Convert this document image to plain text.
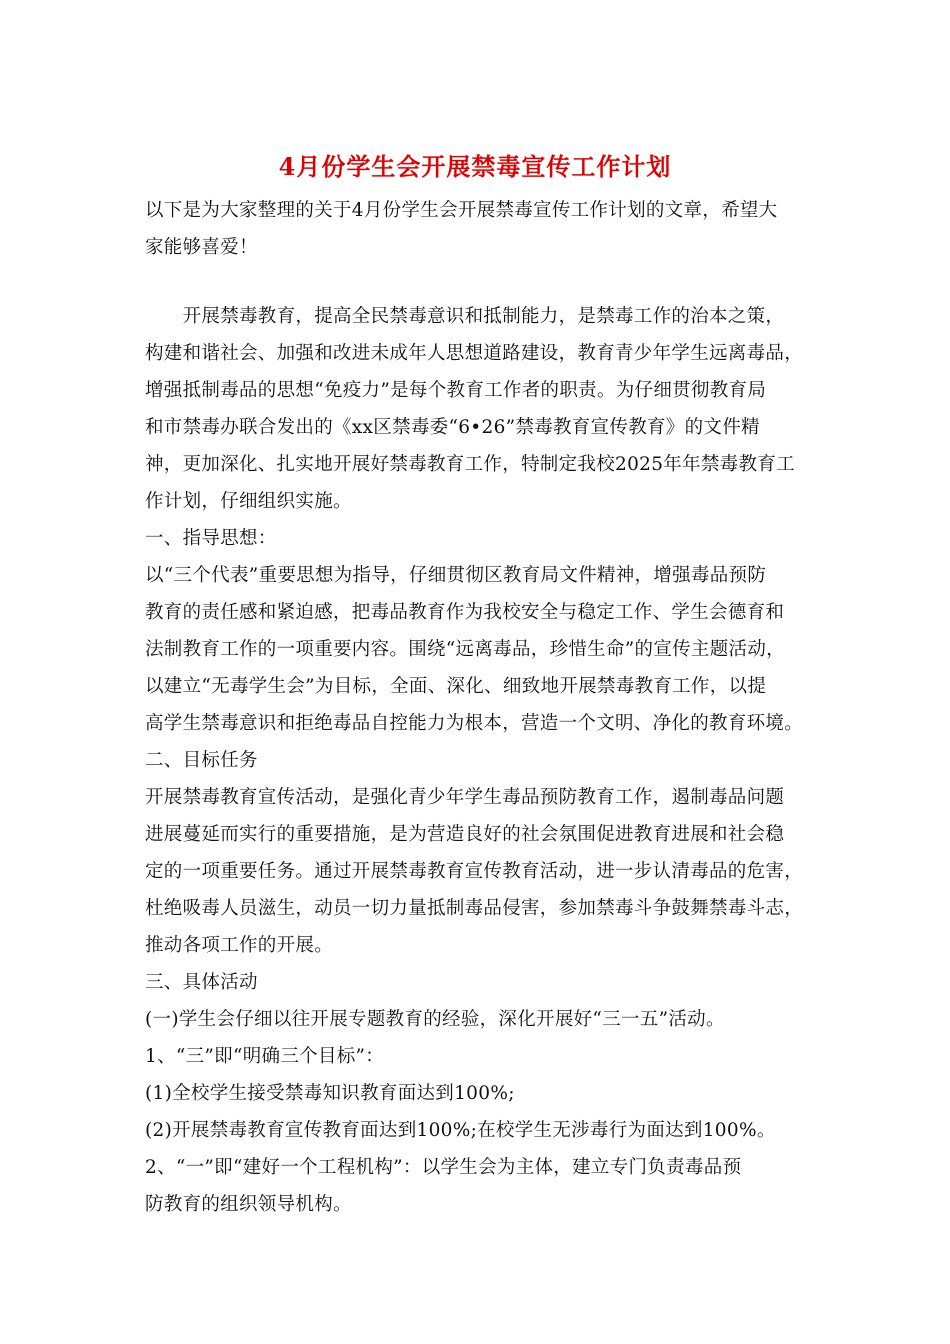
4月份学生会开展禁毒宣传工作计划
以下是为大家整理的关于4月份学生会开展禁毒宣传工作计划的文章，希望大
家能够喜爱！
　　开展禁毒教育，提高全民禁毒意识和抵制能力，是禁毒工作的治本之策，
构建和谐社会、加强和改进未成年人思想道路建设，教育青少年学生远离毒品，
增强抵制毒品的思想“免疫力”是每个教育工作者的职责。为仔细贯彻教育局
和市禁毒办联合发出的《xx区禁毒委“6•26”禁毒教育宣传教育》的文件精
神，更加深化、扎实地开展好禁毒教育工作，特制定我校2025年年禁毒教育工
作计划，仔细组织实施。
一、指导思想：
以“三个代表”重要思想为指导，仔细贯彻区教育局文件精神，增强毒品预防
教育的责任感和紧迫感，把毒品教育作为我校安全与稳定工作、学生会德育和
法制教育工作的一项重要内容。围绕“远离毒品，珍惜生命”的宣传主题活动，
以建立“无毒学生会”为目标，全面、深化、细致地开展禁毒教育工作，以提
高学生禁毒意识和拒绝毒品自控能力为根本，营造一个文明、净化的教育环境。
二、目标任务
开展禁毒教育宣传活动，是强化青少年学生毒品预防教育工作，遏制毒品问题
进展蔓延而实行的重要措施，是为营造良好的社会氛围促进教育进展和社会稳
定的一项重要任务。通过开展禁毒教育宣传教育活动，进一步认清毒品的危害，
杜绝吸毒人员滋生，动员一切力量抵制毒品侵害，参加禁毒斗争鼓舞禁毒斗志，
推动各项工作的开展。
三、具体活动
(一)学生会仔细以往开展专题教育的经验，深化开展好“三一五”活动。
1、“三”即“明确三个目标”：
(1)全校学生接受禁毒知识教育面达到100%;
(2)开展禁毒教育宣传教育面达到100%;在校学生无涉毒行为面达到100%。
2、“一”即“建好一个工程机构”：以学生会为主体，建立专门负责毒品预
防教育的组织领导机构。
